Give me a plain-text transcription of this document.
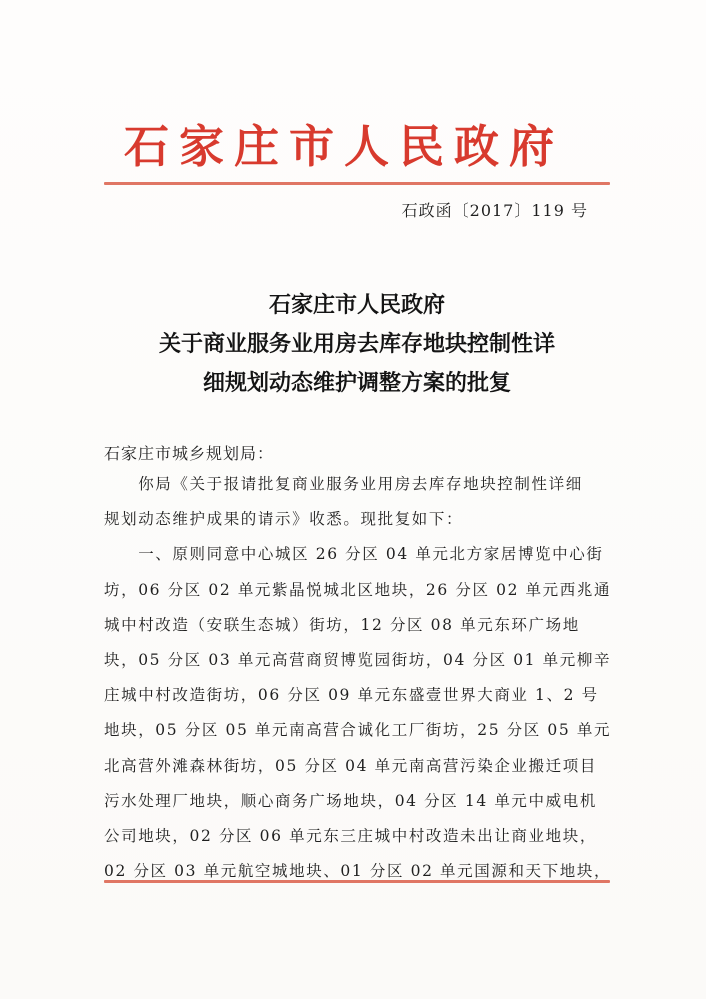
石家庄市人民政府
石政函〔2017〕119 号
石家庄市人民政府
关于商业服务业用房去库存地块控制性详
细规划动态维护调整方案的批复
石家庄市城乡规划局：
　　你局《关于报请批复商业服务业用房去库存地块控制性详细
规划动态维护成果的请示》收悉。现批复如下：
　　一、原则同意中心城区 26 分区 04 单元北方家居博览中心街
坊，06 分区 02 单元紫晶悦城北区地块，26 分区 02 单元西兆通
城中村改造（安联生态城）街坊，12 分区 08 单元东环广场地
块，05 分区 03 单元高营商贸博览园街坊，04 分区 01 单元柳辛
庄城中村改造街坊，06 分区 09 单元东盛壹世界大商业 1、2 号
地块，05 分区 05 单元南高营合诚化工厂街坊，25 分区 05 单元
北高营外滩森林街坊，05 分区 04 单元南高营污染企业搬迁项目
污水处理厂地块，顺心商务广场地块，04 分区 14 单元中威电机
公司地块，02 分区 06 单元东三庄城中村改造未出让商业地块，
02 分区 03 单元航空城地块、01 分区 02 单元国源和天下地块，
